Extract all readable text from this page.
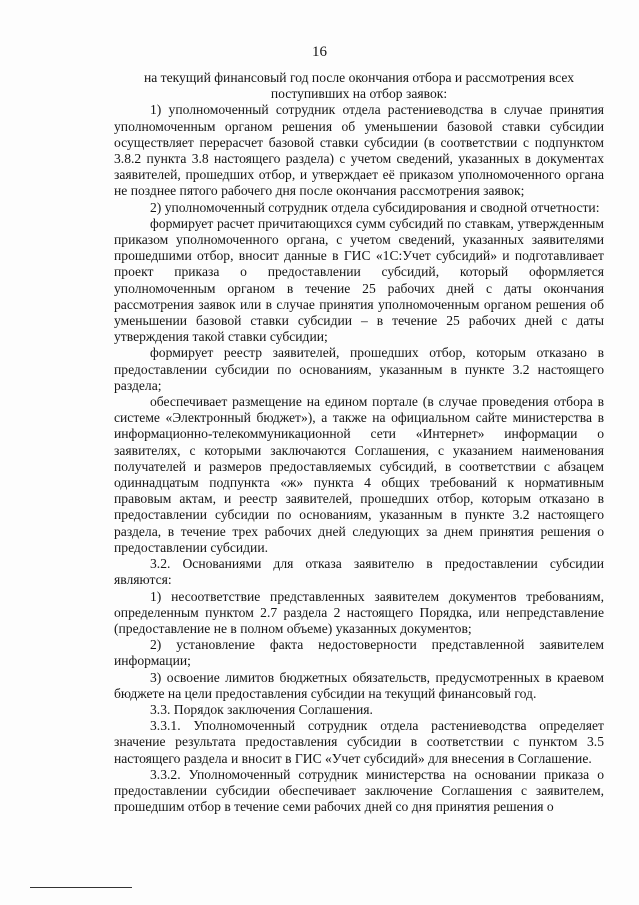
16

на текущий финансовый год после окончания отбора и рассмотрения всех поступивших на отбор заявок:

1) уполномоченный сотрудник отдела растениеводства в случае принятия уполномоченным органом решения об уменьшении базовой ставки субсидии осуществляет перерасчет базовой ставки субсидии (в соответствии с подпунктом 3.8.2 пункта 3.8 настоящего раздела) с учетом сведений, указанных в документах заявителей, прошедших отбор, и утверждает её приказом уполномоченного органа не позднее пятого рабочего дня после окончания рассмотрения заявок;

2) уполномоченный сотрудник отдела субсидирования и сводной отчетности:

формирует расчет причитающихся сумм субсидий по ставкам, утвержденным приказом уполномоченного органа, с учетом сведений, указанных заявителями прошедшими отбор, вносит данные в ГИС «1С:Учет субсидий» и подготавливает проект приказа о предоставлении субсидий, который оформляется уполномоченным органом в течение 25 рабочих дней с даты окончания рассмотрения заявок или в случае принятия уполномоченным органом решения об уменьшении базовой ставки субсидии – в течение 25 рабочих дней с даты утверждения такой ставки субсидии;

формирует реестр заявителей, прошедших отбор, которым отказано в предоставлении субсидии по основаниям, указанным в пункте 3.2 настоящего раздела;

обеспечивает размещение на едином портале (в случае проведения отбора в системе «Электронный бюджет»), а также на официальном сайте министерства в информационно-телекоммуникационной сети «Интернет» информации о заявителях, с которыми заключаются Соглашения, с указанием наименования получателей и размеров предоставляемых субсидий, в соответствии с абзацем одиннадцатым подпункта «ж» пункта 4 общих требований к нормативным правовым актам, и реестр заявителей, прошедших отбор, которым отказано в предоставлении субсидии по основаниям, указанным в пункте 3.2 настоящего раздела, в течение трех рабочих дней следующих за днем принятия решения о предоставлении субсидии.

3.2. Основаниями для отказа заявителю в предоставлении субсидии являются:

1) несоответствие представленных заявителем документов требованиям, определенным пунктом 2.7 раздела 2 настоящего Порядка, или непредставление (предоставление не в полном объеме) указанных документов;

2) установление факта недостоверности представленной заявителем информации;

3) освоение лимитов бюджетных обязательств, предусмотренных в краевом бюджете на цели предоставления субсидии на текущий финансовый год.

3.3. Порядок заключения Соглашения.

3.3.1. Уполномоченный сотрудник отдела растениеводства определяет значение результата предоставления субсидии в соответствии с пунктом 3.5 настоящего раздела и вносит в ГИС «Учет субсидий» для внесения в Соглашение.

3.3.2. Уполномоченный сотрудник министерства на основании приказа о предоставлении субсидии обеспечивает заключение Соглашения с заявителем, прошедшим отбор в течение семи рабочих дней со дня принятия решения о
